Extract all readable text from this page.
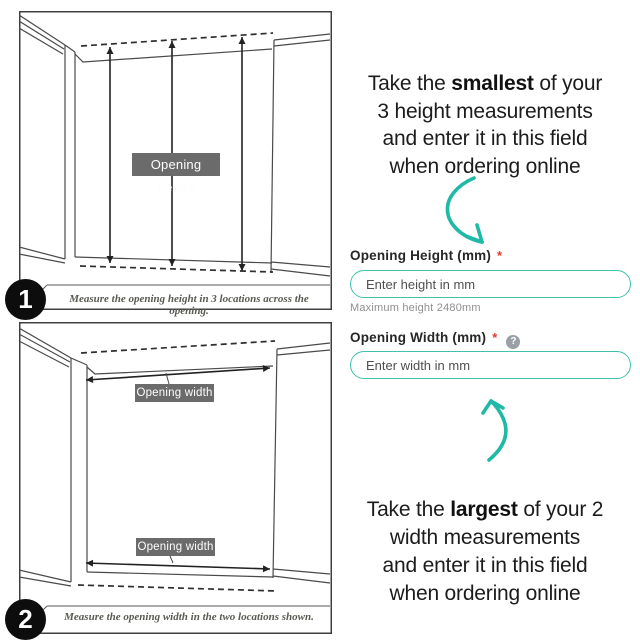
Opening height
Measure the opening height in 3 locations across the opening.
1
Opening width
Opening width
Measure the opening width in the two locations shown.
2

Take the smallest of your
3 height measurements
and enter it in this field
when ordering online

Opening Height (mm) *
Enter height in mm
Maximum height 2480mm
Opening Width (mm) * ?
Enter width in mm

Take the largest of your 2
width measurements
and enter it in this field
when ordering online
